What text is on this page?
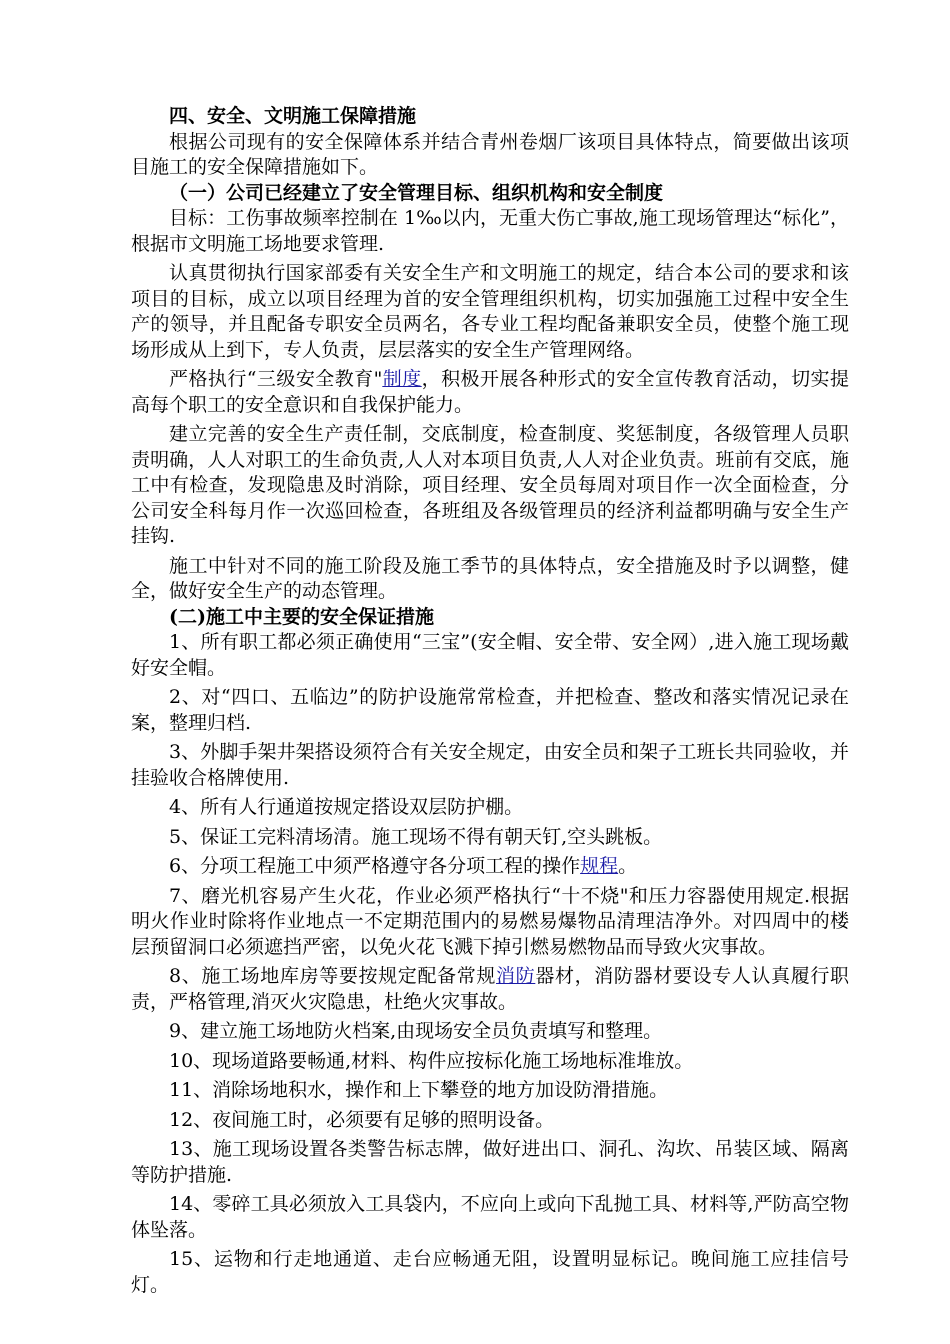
四、安全、文明施工保障措施

根据公司现有的安全保障体系并结合青州卷烟厂该项目具体特点，简要做出该项目施工的安全保障措施如下。

（一）公司已经建立了安全管理目标、组织机构和安全制度

目标：工伤事故频率控制在 1‰以内，无重大伤亡事故,施工现场管理达“标化”，根据市文明施工场地要求管理.

认真贯彻执行国家部委有关安全生产和文明施工的规定，结合本公司的要求和该项目的目标，成立以项目经理为首的安全管理组织机构，切实加强施工过程中安全生产的领导，并且配备专职安全员两名，各专业工程均配备兼职安全员，使整个施工现场形成从上到下，专人负责，层层落实的安全生产管理网络。

严格执行“三级安全教育"制度，积极开展各种形式的安全宣传教育活动，切实提高每个职工的安全意识和自我保护能力。

建立完善的安全生产责任制，交底制度，检查制度、奖惩制度，各级管理人员职责明确，人人对职工的生命负责,人人对本项目负责,人人对企业负责。班前有交底，施工中有检查，发现隐患及时消除，项目经理、安全员每周对项目作一次全面检查，分公司安全科每月作一次巡回检查，各班组及各级管理员的经济利益都明确与安全生产挂钩.

施工中针对不同的施工阶段及施工季节的具体特点，安全措施及时予以调整，健全，做好安全生产的动态管理。

(二)施工中主要的安全保证措施

1、所有职工都必须正确使用“三宝”(安全帽、安全带、安全网）,进入施工现场戴好安全帽。

2、对“四口、五临边”的防护设施常常检查，并把检查、整改和落实情况记录在案，整理归档.

3、外脚手架井架搭设须符合有关安全规定，由安全员和架子工班长共同验收，并挂验收合格牌使用.

4、所有人行通道按规定搭设双层防护棚。

5、保证工完料清场清。施工现场不得有朝天钉,空头跳板。

6、分项工程施工中须严格遵守各分项工程的操作规程。

7、磨光机容易产生火花，作业必须严格执行“十不烧"和压力容器使用规定.根据明火作业时除将作业地点一不定期范围内的易燃易爆物品清理洁净外。对四周中的楼层预留洞口必须遮挡严密，以免火花飞溅下掉引燃易燃物品而导致火灾事故。

8、施工场地库房等要按规定配备常规消防器材，消防器材要设专人认真履行职责，严格管理,消灭火灾隐患，杜绝火灾事故。

9、建立施工场地防火档案,由现场安全员负责填写和整理。

10、现场道路要畅通,材料、构件应按标化施工场地标准堆放。

11、消除场地积水，操作和上下攀登的地方加设防滑措施。

12、夜间施工时，必须要有足够的照明设备。

13、施工现场设置各类警告标志牌，做好进出口、洞孔、沟坎、吊装区域、隔离等防护措施.

14、零碎工具必须放入工具袋内，不应向上或向下乱抛工具、材料等,严防高空物体坠落。

15、运物和行走地通道、走台应畅通无阻，设置明显标记。晚间施工应挂信号灯。
